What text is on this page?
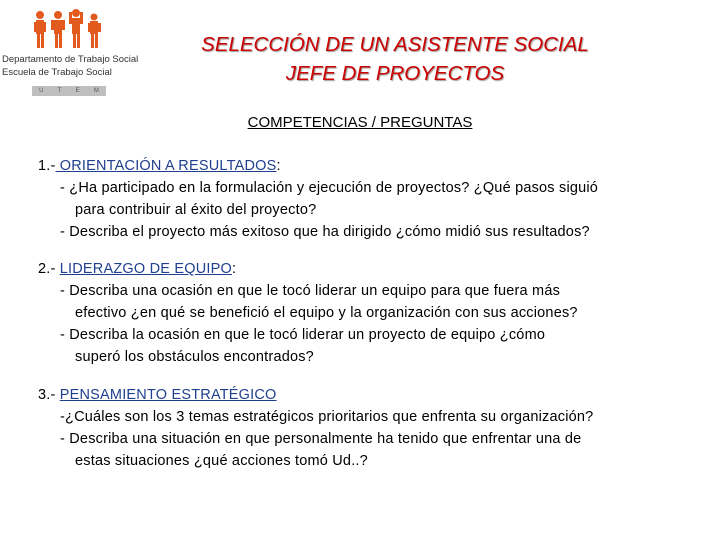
Departamento de Trabajo Social
Escuela de Trabajo Social
U T E M
SELECCIÓN DE UN ASISTENTE SOCIAL
JEFE DE PROYECTOS
COMPETENCIAS / PREGUNTAS
1.- ORIENTACIÓN A RESULTADOS:
- ¿Ha participado en la formulación y ejecución de proyectos? ¿Qué pasos siguió
para contribuir al éxito del proyecto?
- Describa el proyecto más exitoso que ha dirigido ¿cómo midió sus resultados?
2.- LIDERAZGO DE EQUIPO:
- Describa una ocasión en que le tocó liderar un equipo para que fuera más
efectivo ¿en qué se benefició el equipo y la organización con sus acciones?
- Describa la ocasión en que le tocó liderar un proyecto de equipo ¿cómo
superó los obstáculos encontrados?
3.- PENSAMIENTO ESTRATÉGICO
-¿Cuáles son los 3 temas estratégicos prioritarios que enfrenta su organización?
- Describa una situación en que personalmente ha tenido que enfrentar una de
estas situaciones ¿qué acciones tomó Ud..?
